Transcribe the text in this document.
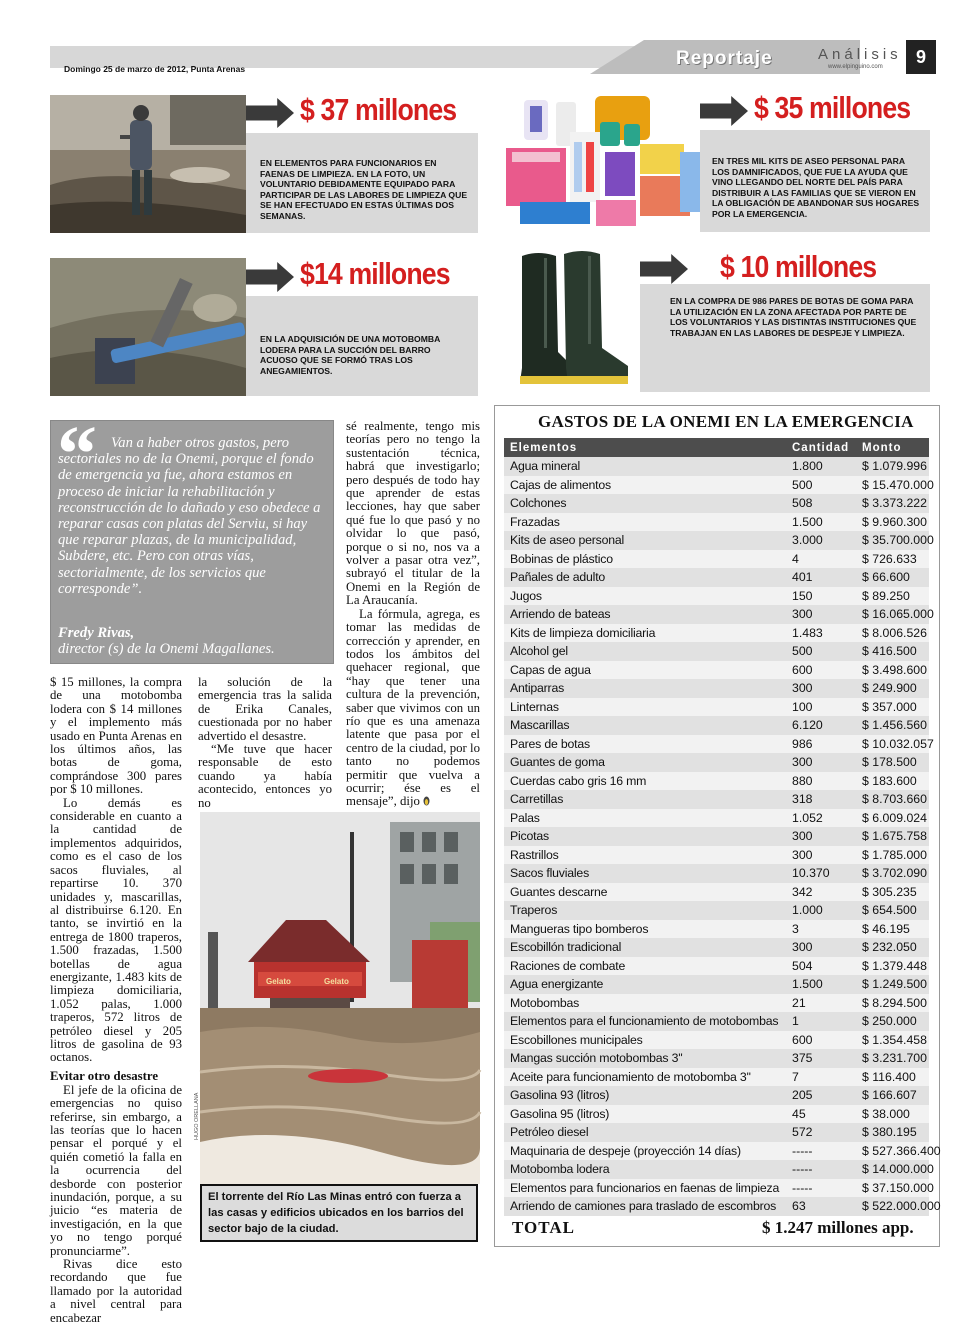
Domingo 25 de marzo de 2012, Punta Arenas	Reportaje	Análisis
www.elpinguino.com	9
$ 37 millones
EN ELEMENTOS PARA FUNCIONARIOS EN FAENAS DE LIMPIEZA. EN LA FOTO, UN VOLUNTARIO DEBIDAMENTE EQUIPADO PARA PARTICIPAR DE LAS LABORES DE LIMPIEZA QUE SE HAN EFECTUADO EN ESTAS ÚLTIMAS DOS SEMANAS.
$ 35 millones
EN TRES MIL KITS DE ASEO PERSONAL PARA LOS DAMNIFICADOS, QUE FUE LA AYUDA QUE VINO LLEGANDO DEL NORTE DEL PAÍS PARA DISTRIBUIR A LAS FAMILIAS QUE SE VIERON EN LA OBLIGACIÓN DE ABANDONAR SUS HOGARES POR LA EMERGENCIA.
$14 millones
EN LA ADQUISICIÓN DE UNA MOTOBOMBA LODERA PARA LA SUCCIÓN DEL BARRO ACUOSO QUE SE FORMÓ TRAS LOS ANEGAMIENTOS.
$ 10 millones
EN LA COMPRA DE 986 PARES DE BOTAS DE GOMA PARA LA UTILIZACIÓN EN LA ZONA AFECTADA POR PARTE DE LOS VOLUNTARIOS Y LAS DISTINTAS INSTITUCIONES QUE TRABAJAN EN LAS LABORES DE DESPEJE Y LIMPIEZA.
“ Van a haber otros gastos, pero sectoriales no de la Onemi, porque el fondo de emergencia ya fue, ahora estamos en proceso de iniciar la rehabilitación y reconstrucción de lo dañado y eso obedece a reparar casas con platas del Serviu, si hay que reparar plazas, de la municipalidad, Subdere, etc. Pero con otras vías, sectorialmente, de los servicios que corresponde”.
Fredy Rivas,
director (s) de la Onemi Magallanes.

$ 15 millones, la compra de una motobomba lodera con $ 14 millones y el implemento más usado en Punta Arenas en los últimos años, las botas de goma, comprándose 300 pares por $ 10 millones.

Lo demás es considerable en cuanto a la cantidad de implementos adquiridos, como es el caso de los sacos fluviales, al repartirse 10. 370 unidades y, mascarillas, al distribuirse 6.120. En tanto, se invirtió en la entrega de 1800 traperos, 1.500 frazadas, 1.500 botellas de agua energizante, 1.483 kits de limpieza domiciliaria, 1.052 palas, 1.000 traperos, 572 litros de petróleo diesel y 205 litros de gasolina de 93 octanos.

Evitar otro desastre

El jefe de la oficina de emergencias no quiso referirse, sin embargo, a las teorías que lo hacen pensar el porqué y el quién cometió la falla en la ocurrencia del desborde con posterior inundación, porque, a su juicio “es materia de investigación, en la que yo no tengo porqué pronunciarme”.

Rivas dice esto recordando que fue llamado por la autoridad a nivel central para encabezar

la solución de la emergencia tras la salida de Erika Canales, cuestionada por no haber advertido el desastre.

“Me tuve que hacer responsable de esto cuando ya había acontecido, entonces yo no

sé realmente, tengo mis teorías pero no tengo la sustentación técnica, habrá que investigarlo; pero después de todo hay que aprender de estas lecciones, hay que saber qué fue lo que pasó y no olvidar lo que pasó, porque o si no, nos va a volver a pasar otra vez”, subrayó el titular de la Onemi en la Región de La Araucanía.

La fórmula, agrega, es tomar las medidas de corrección y aprender, en todos los ámbitos del quehacer regional, que “hay que tener una cultura de la prevención, saber que vivimos con un río que es una amenaza latente que pasa por el centro de la ciudad, por lo tanto no podemos permitir que vuelva a ocurrir; ése es el mensaje”, dijo

Gelato	Gelato
HUGO ORELLANA
El torrente del Río Las Minas entró con fuerza a las casas y edificios ubicados en los barrios del sector bajo de la ciudad.
GASTOS DE LA ONEMI EN LA EMERGENCIA
Elementos	Cantidad	Monto
Agua mineral	1.800	$ 1.079.996
Cajas de alimentos	500	$ 15.470.000
Colchones	508	$ 3.373.222
Frazadas	1.500	$ 9.960.300
Kits de aseo personal	3.000	$ 35.700.000
Bobinas de plástico	4	$ 726.633
Pañales de adulto	401	$ 66.600
Jugos	150	$ 89.250
Arriendo de bateas	300	$ 16.065.000
Kits de limpieza domiciliaria	1.483	$ 8.006.526
Alcohol gel	500	$ 416.500
Capas de agua	600	$ 3.498.600
Antiparras	300	$ 249.900
Linternas	100	$ 357.000
Mascarillas	6.120	$ 1.456.560
Pares de botas	986	$ 10.032.057
Guantes de goma	300	$ 178.500
Cuerdas cabo gris 16 mm	880	$ 183.600
Carretillas	318	$ 8.703.660
Palas	1.052	$ 6.009.024
Picotas	300	$ 1.675.758
Rastrillos	300	$ 1.785.000
Sacos fluviales	10.370	$ 3.702.090
Guantes descarne	342	$ 305.235
Traperos	1.000	$ 654.500
Mangueras tipo bomberos	3	$ 46.195
Escobillón tradicional	300	$ 232.050
Raciones de combate	504	$ 1.379.448
Agua energizante	1.500	$ 1.249.500
Motobombas	21	$ 8.294.500
Elementos para el funcionamiento de motobombas	1	$ 250.000
Escobillones municipales	600	$ 1.354.458
Mangas succión motobombas 3''	375	$ 3.231.700
Aceite para funcionamiento de motobomba 3''	7	$ 116.400
Gasolina 93 (litros)	205	$ 166.607
Gasolina 95 (litros)	45	$ 38.000
Petróleo diesel	572	$ 380.195
Maquinaria de despeje (proyección 14 días)	-----	$ 527.366.400
Motobomba lodera	-----	$ 14.000.000
Elementos para funcionarios en faenas de limpieza	-----	$ 37.150.000
Arriendo de camiones para traslado de escombros	63	$ 522.000.000
TOTAL	$ 1.247 millones app.
